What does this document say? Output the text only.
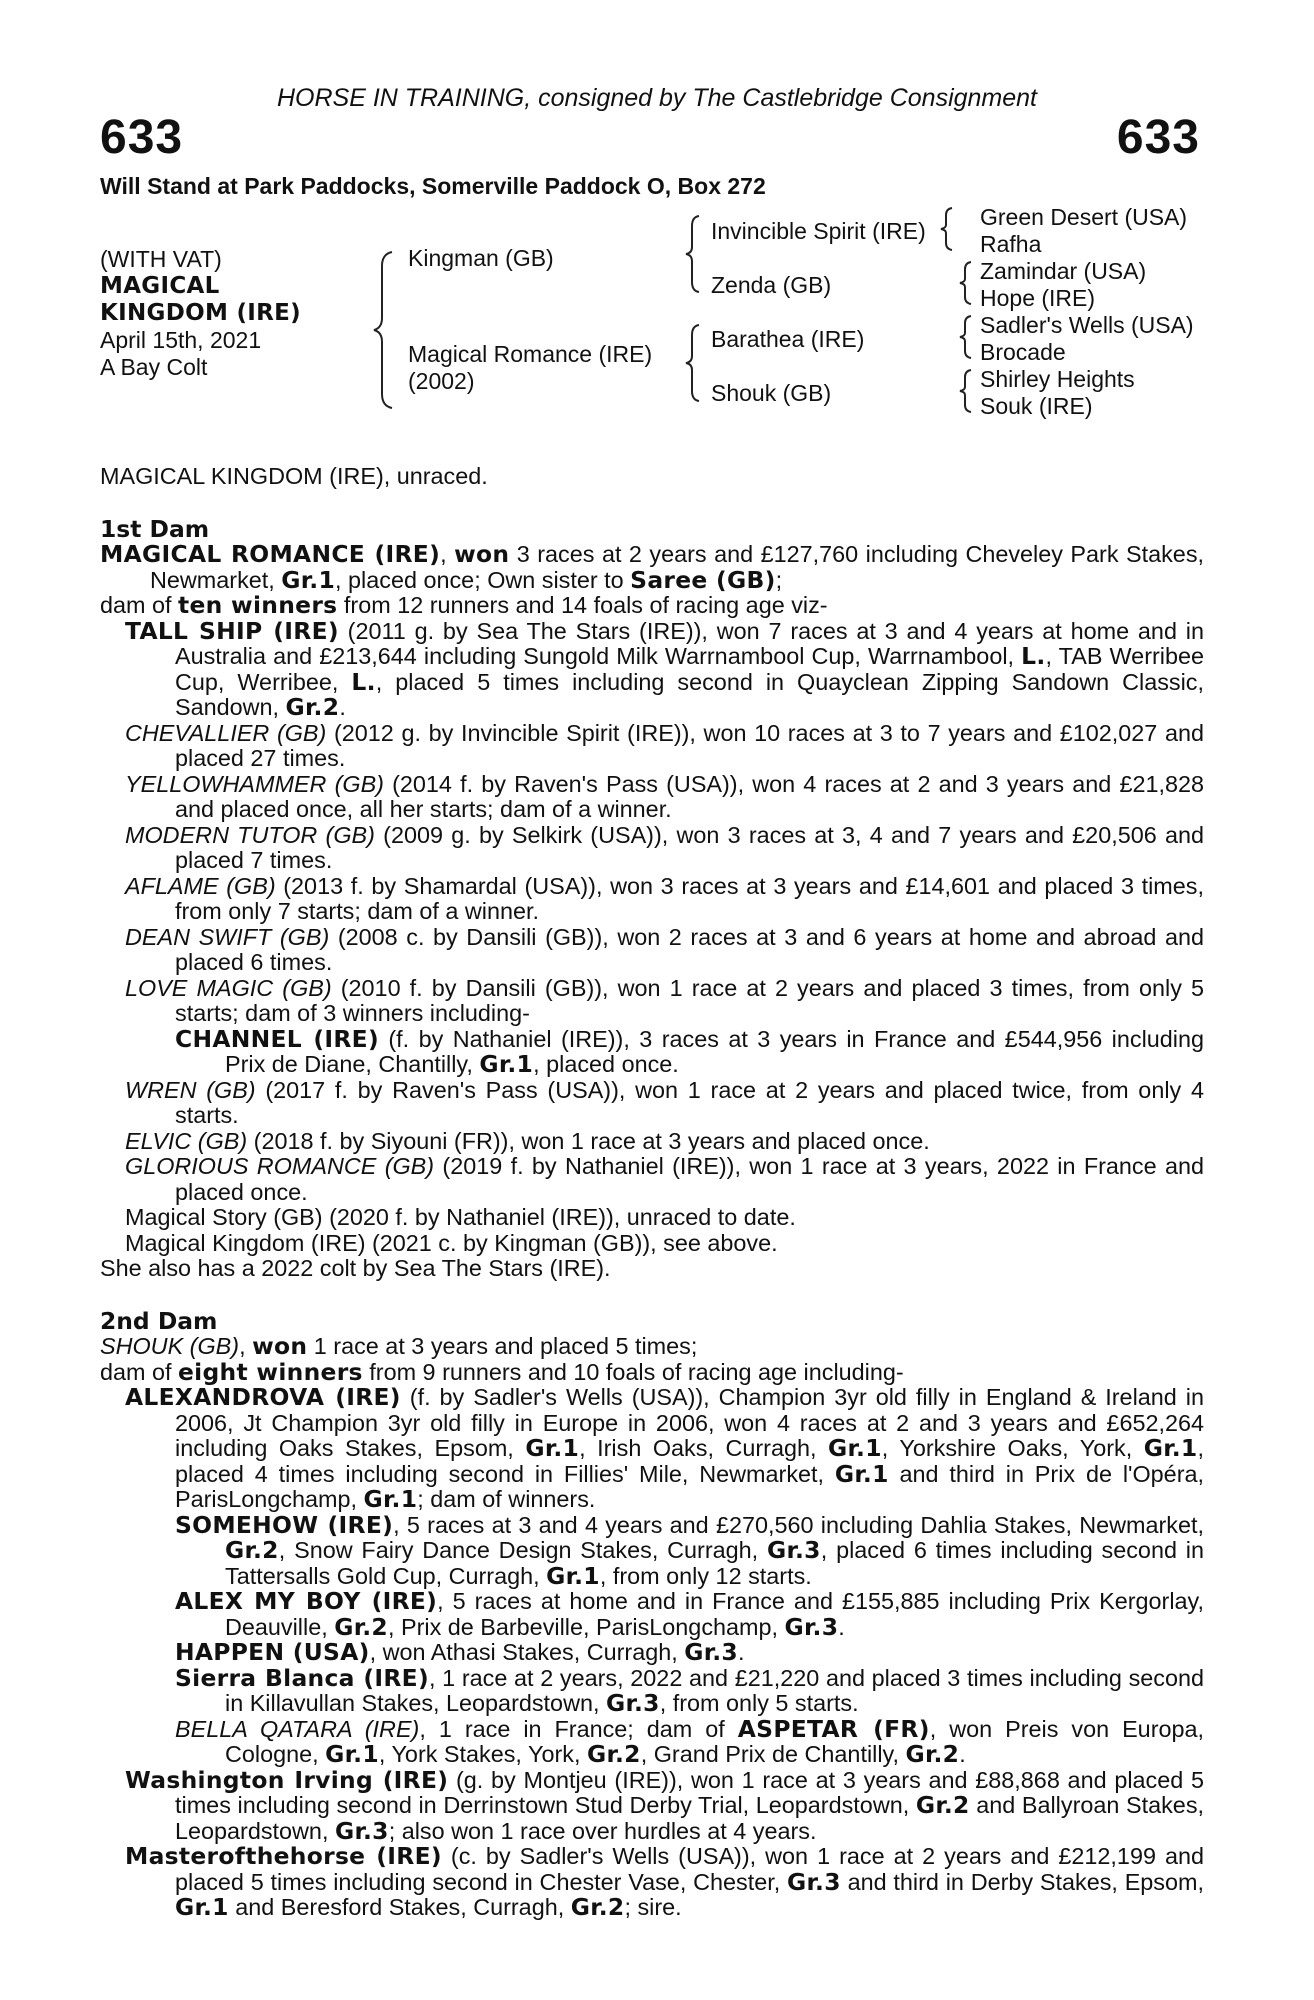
HORSE IN TRAINING, consigned by The Castlebridge Consignment
633	633
Will Stand at Park Paddocks, Somerville Paddock O, Box 272
(WITH VAT)
MAGICAL
KINGDOM (IRE)
April 15th, 2021
A Bay Colt
Kingman (GB)
Magical Romance (IRE)
(2002)
Invincible Spirit (IRE)
Zenda (GB)
Barathea (IRE)
Shouk (GB)
Green Desert (USA)
Rafha
Zamindar (USA)
Hope (IRE)
Sadler's Wells (USA)
Brocade
Shirley Heights
Souk (IRE)

MAGICAL KINGDOM (IRE), unraced.

1st Dam

MAGICAL ROMANCE (IRE), won 3 races at 2 years and £127,760 including Cheveley Park Stakes, Newmarket, Gr.1, placed once; Own sister to Saree (GB);

dam of ten winners from 12 runners and 14 foals of racing age viz-

TALL SHIP (IRE) (2011 g. by Sea The Stars (IRE)), won 7 races at 3 and 4 years at home and in Australia and £213,644 including Sungold Milk Warrnambool Cup, Warrnambool, L., TAB Werribee Cup, Werribee, L., placed 5 times including second in Quayclean Zipping Sandown Classic, Sandown, Gr.2.

CHEVALLIER (GB) (2012 g. by Invincible Spirit (IRE)), won 10 races at 3 to 7 years and £102,027 and placed 27 times.

YELLOWHAMMER (GB) (2014 f. by Raven's Pass (USA)), won 4 races at 2 and 3 years and £21,828 and placed once, all her starts; dam of a winner.

MODERN TUTOR (GB) (2009 g. by Selkirk (USA)), won 3 races at 3, 4 and 7 years and £20,506 and placed 7 times.

AFLAME (GB) (2013 f. by Shamardal (USA)), won 3 races at 3 years and £14,601 and placed 3 times, from only 7 starts; dam of a winner.

DEAN SWIFT (GB) (2008 c. by Dansili (GB)), won 2 races at 3 and 6 years at home and abroad and placed 6 times.

LOVE MAGIC (GB) (2010 f. by Dansili (GB)), won 1 race at 2 years and placed 3 times, from only 5 starts; dam of 3 winners including-

CHANNEL (IRE) (f. by Nathaniel (IRE)), 3 races at 3 years in France and £544,956 including Prix de Diane, Chantilly, Gr.1, placed once.

WREN (GB) (2017 f. by Raven's Pass (USA)), won 1 race at 2 years and placed twice, from only 4 starts.

ELVIC (GB) (2018 f. by Siyouni (FR)), won 1 race at 3 years and placed once.

GLORIOUS ROMANCE (GB) (2019 f. by Nathaniel (IRE)), won 1 race at 3 years, 2022 in France and placed once.

Magical Story (GB) (2020 f. by Nathaniel (IRE)), unraced to date.

Magical Kingdom (IRE) (2021 c. by Kingman (GB)), see above.

She also has a 2022 colt by Sea The Stars (IRE).

2nd Dam

SHOUK (GB), won 1 race at 3 years and placed 5 times;

dam of eight winners from 9 runners and 10 foals of racing age including-

ALEXANDROVA (IRE) (f. by Sadler's Wells (USA)), Champion 3yr old filly in England & Ireland in 2006, Jt Champion 3yr old filly in Europe in 2006, won 4 races at 2 and 3 years and £652,264 including Oaks Stakes, Epsom, Gr.1, Irish Oaks, Curragh, Gr.1, Yorkshire Oaks, York, Gr.1, placed 4 times including second in Fillies' Mile, Newmarket, Gr.1 and third in Prix de l'Opéra, ParisLongchamp, Gr.1; dam of winners.

SOMEHOW (IRE), 5 races at 3 and 4 years and £270,560 including Dahlia Stakes, Newmarket, Gr.2, Snow Fairy Dance Design Stakes, Curragh, Gr.3, placed 6 times including second in Tattersalls Gold Cup, Curragh, Gr.1, from only 12 starts.

ALEX MY BOY (IRE), 5 races at home and in France and £155,885 including Prix Kergorlay, Deauville, Gr.2, Prix de Barbeville, ParisLongchamp, Gr.3.

HAPPEN (USA), won Athasi Stakes, Curragh, Gr.3.

Sierra Blanca (IRE), 1 race at 2 years, 2022 and £21,220 and placed 3 times including second in Killavullan Stakes, Leopardstown, Gr.3, from only 5 starts.

BELLA QATARA (IRE), 1 race in France; dam of ASPETAR (FR), won Preis von Europa, Cologne, Gr.1, York Stakes, York, Gr.2, Grand Prix de Chantilly, Gr.2.

Washington Irving (IRE) (g. by Montjeu (IRE)), won 1 race at 3 years and £88,868 and placed 5 times including second in Derrinstown Stud Derby Trial, Leopardstown, Gr.2 and Ballyroan Stakes, Leopardstown, Gr.3; also won 1 race over hurdles at 4 years.

Masterofthehorse (IRE) (c. by Sadler's Wells (USA)), won 1 race at 2 years and £212,199 and placed 5 times including second in Chester Vase, Chester, Gr.3 and third in Derby Stakes, Epsom, Gr.1 and Beresford Stakes, Curragh, Gr.2; sire.
